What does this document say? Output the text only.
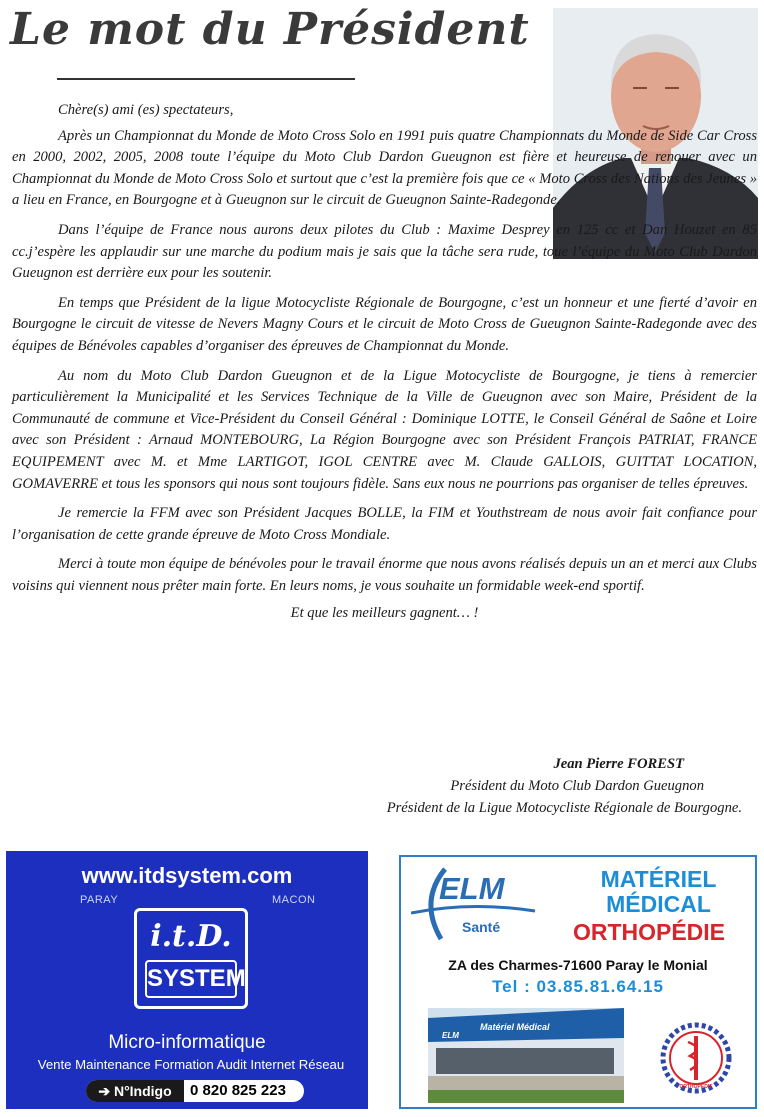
Le mot du Président

Chère(s) ami (es) spectateurs,

Après un Championnat du Monde de Moto Cross Solo en 1991 puis quatre Championnats du Monde de Side Car Cross en 2000, 2002, 2005, 2008 toute l’équipe du Moto Club Dardon Gueugnon est fière et heureuse de renouer avec un Championnat du Monde de Moto Cross Solo et surtout que c’est la première fois que ce « Moto Cross des Nations des Jeunes » a lieu en France, en Bourgogne et à Gueugnon sur le circuit de Gueugnon Sainte-Radegonde.

Dans l’équipe de France nous aurons deux pilotes du Club : Maxime Desprey en 125 cc et Dan Houzet en 85 cc.j’espère les applaudir sur une marche du podium mais je sais que la tâche sera rude, toue l’équipe du Moto Club Dardon Gueugnon est derrière eux pour les soutenir.

En temps que Président de la ligue Motocycliste Régionale de Bourgogne, c’est un honneur et une fierté d’avoir en Bourgogne le circuit de vitesse de Nevers Magny Cours et le circuit de Moto Cross de Gueugnon Sainte-Radegonde avec des équipes de Bénévoles capables d’organiser des épreuves de Championnat du Monde.

Au nom du Moto Club Dardon Gueugnon et de la Ligue Motocycliste de Bourgogne, je tiens à remercier particulièrement la Municipalité et les Services Technique de la Ville de Gueugnon avec son Maire, Président de la Communauté de commune et Vice-Président du Conseil Général : Dominique LOTTE, le Conseil Général de Saône et Loire avec son Président : Arnaud MONTEBOURG, La Région Bourgogne avec son Président François PATRIAT, FRANCE EQUIPEMENT avec M. et Mme LARTIGOT, IGOL CENTRE avec M. Claude GALLOIS, GUITTAT LOCATION, GOMAVERRE et tous les sponsors qui nous sont toujours fidèle. Sans eux nous ne pourrions pas organiser de telles épreuves.

Je remercie la FFM avec son Président Jacques BOLLE, la FIM et Youthstream de nous avoir fait confiance pour l’organisation de cette grande épreuve de Moto Cross Mondiale.

Merci à toute mon équipe de bénévoles pour le travail énorme que nous avons réalisés depuis un an et merci aux Clubs voisins qui viennent nous prêter main forte. En leurs noms, je vous souhaite un formidable week-end sportif.

Et que les meilleurs gagnent… !

Jean Pierre FOREST
Président du Moto Club Dardon Gueugnon
Président de la Ligue Motocycliste Régionale de Bourgogne.
www.itdsystem.com
PARAY	MACON
i.t.D.
SYSTEM
Micro-informatique
Vente Maintenance Formation Audit Internet Réseau
➔ N°Indigo	0 820 825 223
ELM
Santé
MATÉRIEL
MÉDICAL
ORTHOPÉDIE
ZA des Charmes-71600 Paray le Monial
Tel : 03.85.81.64.15
ELM
Matériel Médical
ORTHOPÉDIE
